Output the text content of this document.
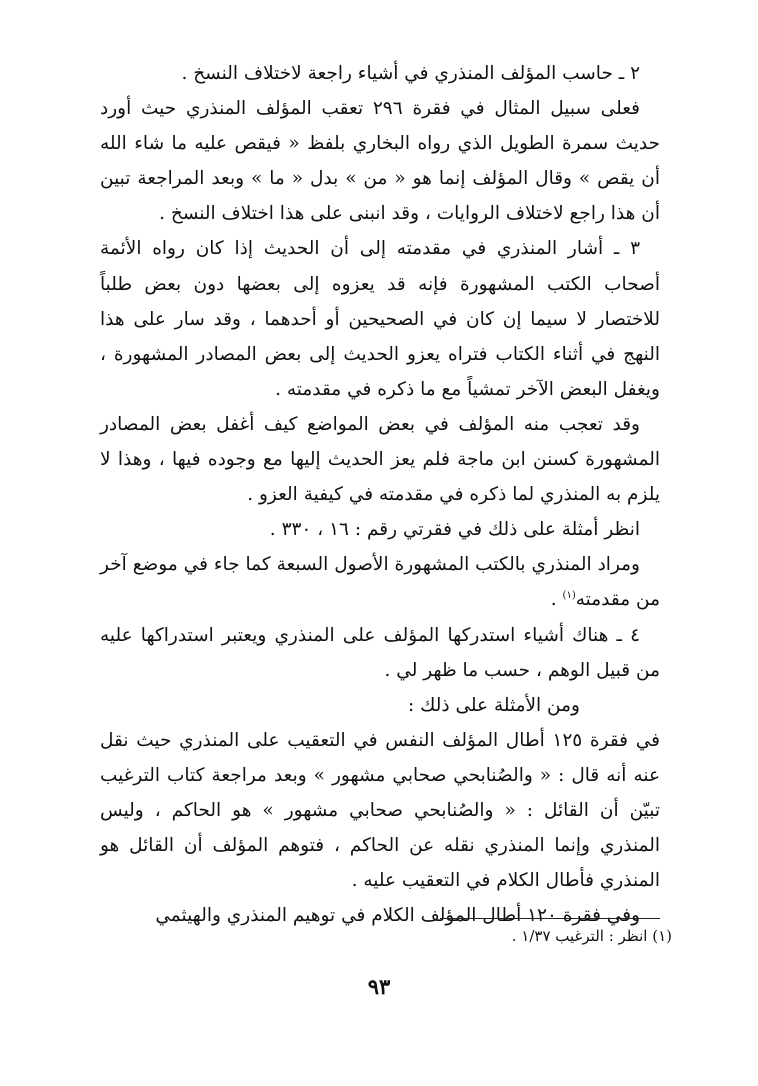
٢ ـ حاسب المؤلف المنذري في أشياء راجعة لاختلاف النسخ .

فعلى سبيل المثال في فقرة ٢٩٦ تعقب المؤلف المنذري حيث أورد حديث سمرة الطويل الذي رواه البخاري بلفظ « فيقص عليه ما شاء الله أن يقص » وقال المؤلف إنما هو « من » بدل « ما » وبعد المراجعة تبين أن هذا راجع لاختلاف الروايات ، وقد انبنى على هذا اختلاف النسخ .

٣ ـ أشار المنذري في مقدمته إلى أن الحديث إذا كان رواه الأئمة أصحاب الكتب المشهورة فإنه قد يعزوه إلى بعضها دون بعض طلباً للاختصار لا سيما إن كان في الصحيحين أو أحدهما ، وقد سار على هذا النهج في أثناء الكتاب فتراه يعزو الحديث إلى بعض المصادر المشهورة ، ويغفل البعض الآخر تمشياً مع ما ذكره في مقدمته .

وقد تعجب منه المؤلف في بعض المواضع كيف أغفل بعض المصادر المشهورة كسنن ابن ماجة فلم يعز الحديث إليها مع وجوده فيها ، وهذا لا يلزم به المنذري لما ذكره في مقدمته في كيفية العزو .

انظر أمثلة على ذلك في فقرتي رقم : ١٦ ، ٣٣٠ .

ومراد المنذري بالكتب المشهورة الأصول السبعة كما جاء في موضع آخر من مقدمته$^{(١)}$ .

٤ ـ هناك أشياء استدركها المؤلف على المنذري ويعتبر استدراكها عليه من قبيل الوهم ، حسب ما ظهر لي .

ومن الأمثلة على ذلك :

في فقرة ١٢٥ أطال المؤلف النفس في التعقيب على المنذري حيث نقل عنه أنه قال : « والصُنابحي صحابي مشهور » وبعد مراجعة كتاب الترغيب تبيّن أن القائل : « والصُنابحي صحابي مشهور » هو الحاكم ، وليس المنذري وإنما المنذري نقله عن الحاكم ، فتوهم المؤلف أن القائل هو المنذري فأطال الكلام في التعقيب عليه .

وفي فقرة ١٢٠ أطال المؤلف الكلام في توهيم المنذري والهيثمي

(١) انظر : الترغيب ١/٣٧ .
٩٣
